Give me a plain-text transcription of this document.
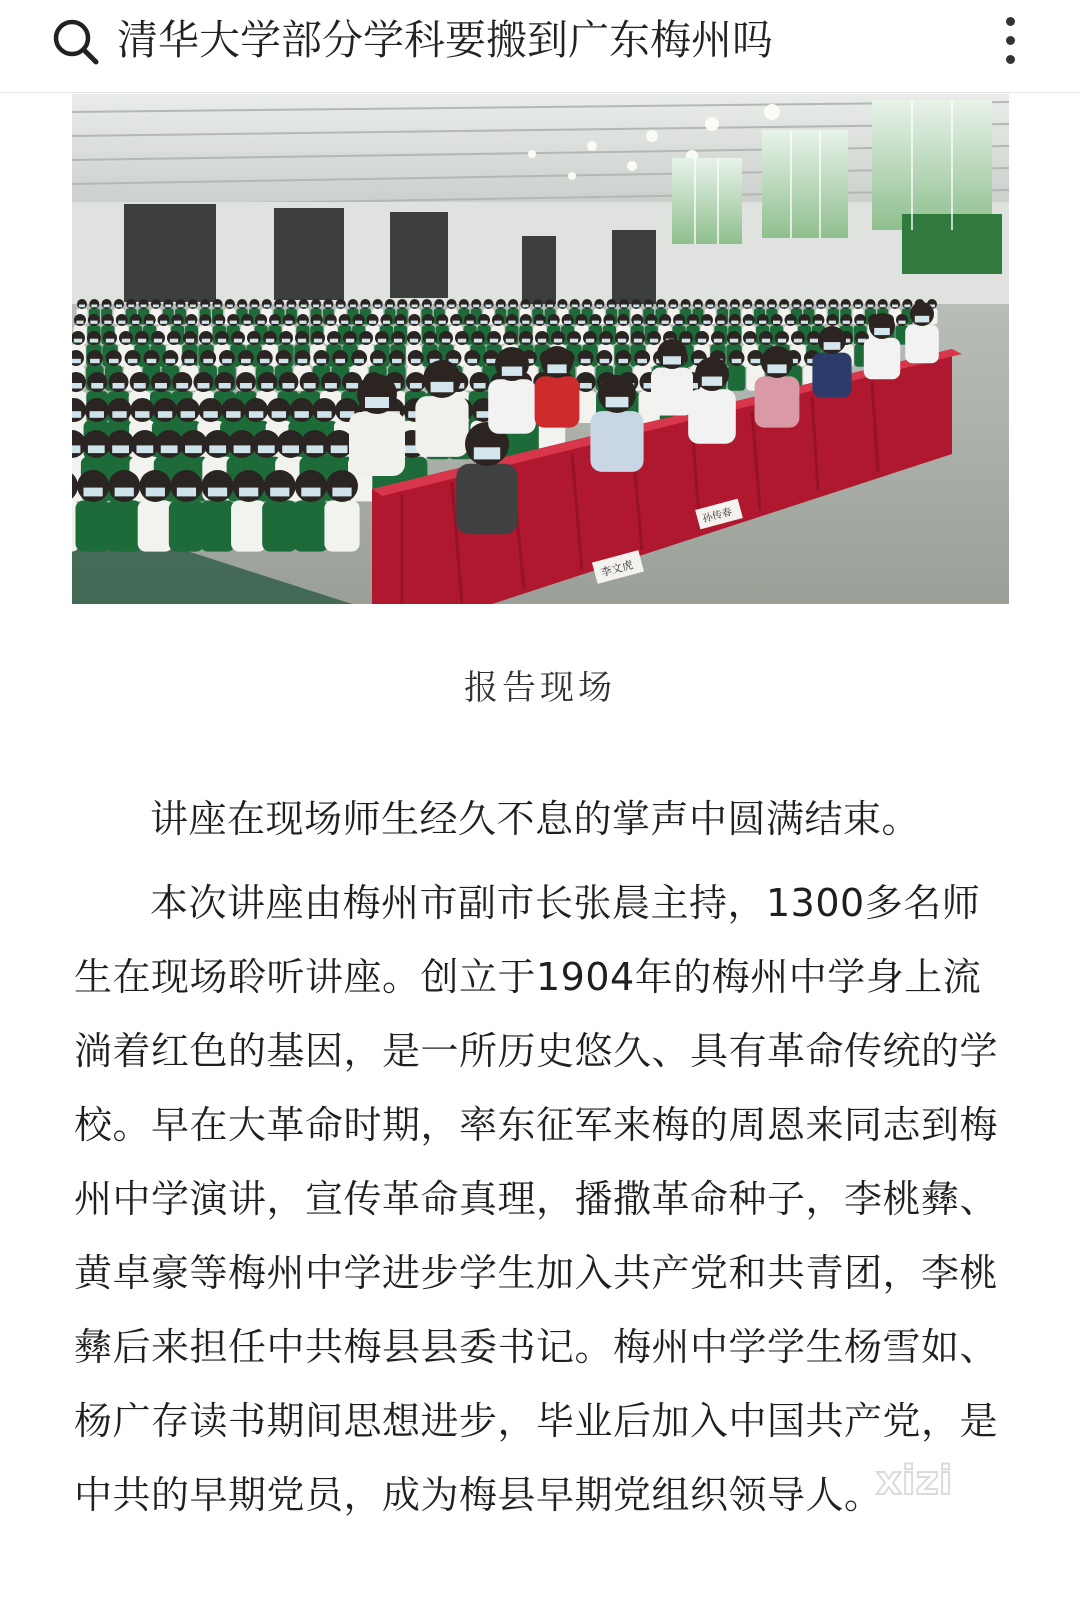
清华大学部分学科要搬到广东梅州吗
李文虎
孙传春
报告现场

讲座在现场师生经久不息的掌声中圆满结束。

本次讲座由梅州市副市长张晨主持，1300多名师生在现场聆听讲座。创立于1904年的梅州中学身上流淌着红色的基因，是一所历史悠久、具有革命传统的学校。早在大革命时期，率东征军来梅的周恩来同志到梅州中学演讲，宣传革命真理，播撒革命种子，李桃彝、黄卓豪等梅州中学进步学生加入共产党和共青团，李桃彝后来担任中共梅县县委书记。梅州中学学生杨雪如、杨广存读书期间思想进步，毕业后加入中国共产党，是中共的早期党员，成为梅县早期党组织领导人。

xizi
